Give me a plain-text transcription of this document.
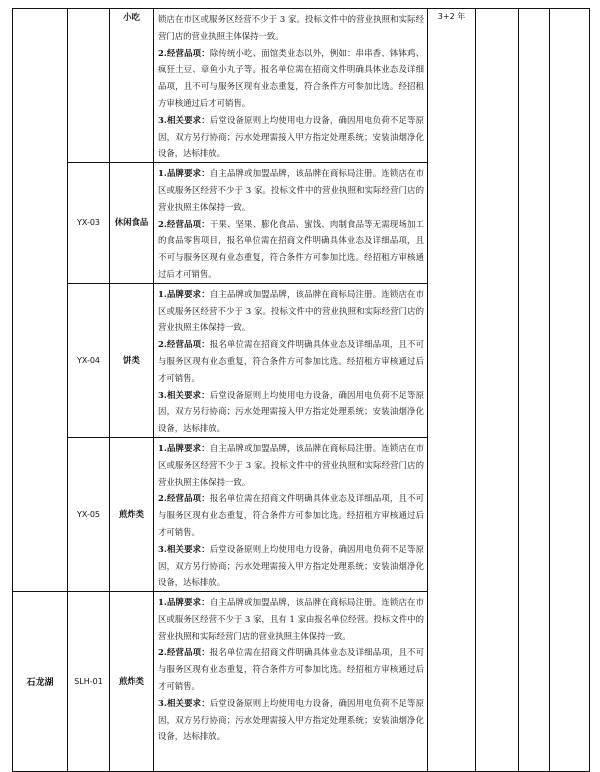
		小吃	锁店在市区或服务区经营不少于 3 家。投标文件中的营业执照和实际经营门店的营业执照主体保持一致。

2.经营品项：除传统小吃、面馆类业态以外，例如：串串香、钵钵鸡、疯狂土豆、章鱼小丸子等。报名单位需在招商文件明确具体业态及详细品项，且不可与服务区现有业态重复，符合条件方可参加比选。经招租方审核通过后才可销售。

3.相关要求：后堂设备原则上均使用电力设备，确因用电负荷不足等原因，双方另行协商；污水处理需接入甲方指定处理系统；安装油烟净化设备，达标排放。	3+2 年			
	YX-03	休闲食品	1.品牌要求：自主品牌或加盟品牌，该品牌在商标局注册。连锁店在市区或服务区经营不少于 3 家。投标文件中的营业执照和实际经营门店的营业执照主体保持一致。

2.经营品项：干果、坚果、膨化食品、蜜饯、肉制食品等无需现场加工的食品零售项目，报名单位需在招商文件明确具体业态及详细品项，且不可与服务区现有业态重复，符合条件方可参加比选。经招租方审核通过后才可销售。				

	YX-04	饼类	1.品牌要求：自主品牌或加盟品牌，该品牌在商标局注册。连锁店在市区或服务区经营不少于 3 家。投标文件中的营业执照和实际经营门店的营业执照主体保持一致。

2.经营品项：报名单位需在招商文件明确具体业态及详细品项，且不可与服务区现有业态重复，符合条件方可参加比选。经招租方审核通过后才可销售。

3.相关要求：后堂设备原则上均使用电力设备，确因用电负荷不足等原因，双方另行协商；污水处理需接入甲方指定处理系统；安装油烟净化设备，达标排放。				

	YX-05	煎炸类	1.品牌要求：自主品牌或加盟品牌，该品牌在商标局注册。连锁店在市区或服务区经营不少于 3 家。投标文件中的营业执照和实际经营门店的营业执照主体保持一致。

2.经营品项：报名单位需在招商文件明确具体业态及详细品项，且不可与服务区现有业态重复，符合条件方可参加比选。经招租方审核通过后才可销售。

3.相关要求：后堂设备原则上均使用电力设备，确因用电负荷不足等原因，双方另行协商；污水处理需接入甲方指定处理系统；安装油烟净化设备，达标排放。				

石龙湖	SLH-01	煎炸类	1.品牌要求：自主品牌或加盟品牌，该品牌在商标局注册。连锁店在市区或服务区经营不少于 3 家，且有 1 家由报名单位经营。投标文件中的营业执照和实际经营门店的营业执照主体保持一致。

2.经营品项：报名单位需在招商文件明确具体业态及详细品项，且不可与服务区现有业态重复，符合条件方可参加比选。经招租方审核通过后才可销售。

3.相关要求：后堂设备原则上均使用电力设备，确因用电负荷不足等原因，双方另行协商；污水处理需接入甲方指定处理系统；安装油烟净化设备，达标排放。				
